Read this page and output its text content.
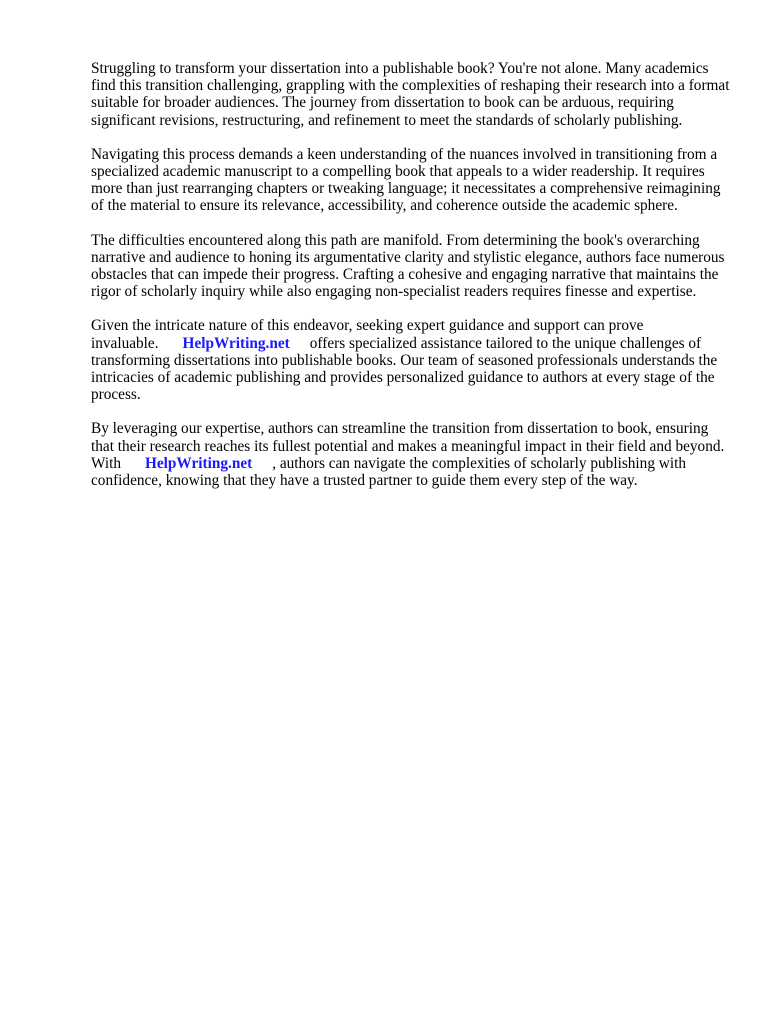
Struggling to transform your dissertation into a publishable book? You're not alone. Many academics find this transition challenging, grappling with the complexities of reshaping their research into a format suitable for broader audiences. The journey from dissertation to book can be arduous, requiring significant revisions, restructuring, and refinement to meet the standards of scholarly publishing.

Navigating this process demands a keen understanding of the nuances involved in transitioning from a specialized academic manuscript to a compelling book that appeals to a wider readership. It requires more than just rearranging chapters or tweaking language; it necessitates a comprehensive reimagining of the material to ensure its relevance, accessibility, and coherence outside the academic sphere.

The difficulties encountered along this path are manifold. From determining the book's overarching narrative and audience to honing its argumentative clarity and stylistic elegance, authors face numerous obstacles that can impede their progress. Crafting a cohesive and engaging narrative that maintains the rigor of scholarly inquiry while also engaging non-specialist readers requires finesse and expertise.

Given the intricate nature of this endeavor, seeking expert guidance and support can prove invaluable. HelpWriting.net offers specialized assistance tailored to the unique challenges of transforming dissertations into publishable books. Our team of seasoned professionals understands the intricacies of academic publishing and provides personalized guidance to authors at every stage of the process.

By leveraging our expertise, authors can streamline the transition from dissertation to book, ensuring that their research reaches its fullest potential and makes a meaningful impact in their field and beyond. With HelpWriting.net , authors can navigate the complexities of scholarly publishing with confidence, knowing that they have a trusted partner to guide them every step of the way.
